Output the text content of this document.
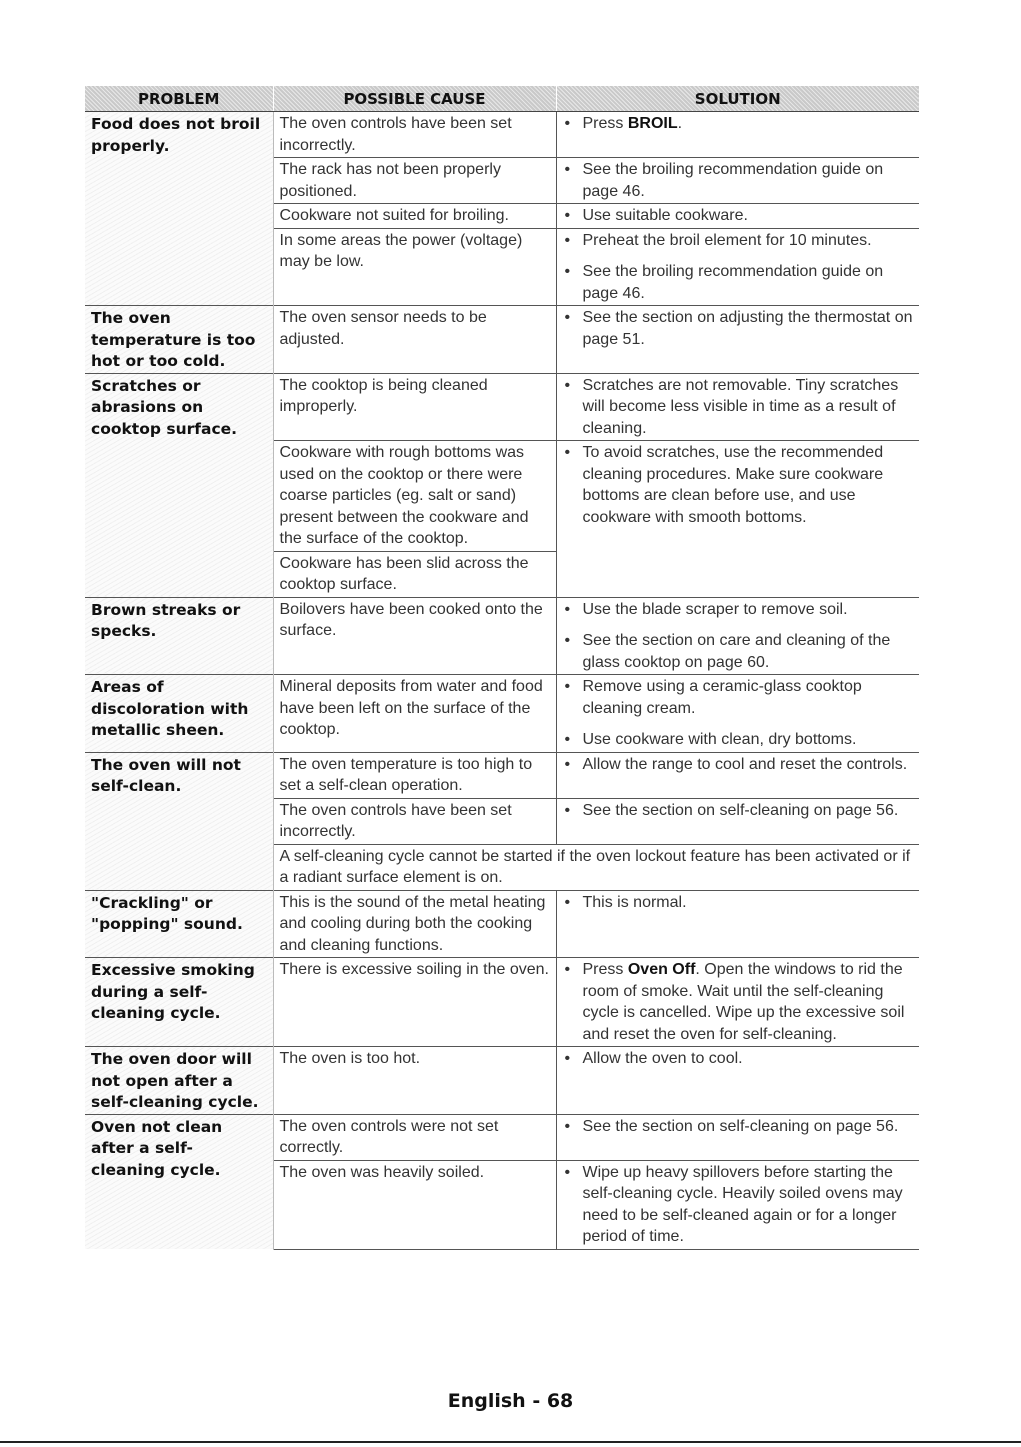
PROBLEM	POSSIBLE CAUSE	SOLUTION
Food does not broil properly.	The oven controls have been set incorrectly.	• Press BROIL.

	The rack has not been properly positioned.	• See the broiling recommendation guide on page 46.

	Cookware not suited for broiling.	• Use suitable cookware.

	In some areas the power (voltage) may be low.	• Preheat the broil element for 10 minutes.
• See the broiling recommendation guide on page 46.

The oven temperature is too hot or too cold.	The oven sensor needs to be adjusted.	• See the section on adjusting the thermostat on page 51.

Scratches or abrasions on cooktop surface.	The cooktop is being cleaned improperly.	• Scratches are not removable. Tiny scratches will become less visible in time as a result of cleaning.

	Cookware with rough bottoms was used on the cooktop or there were coarse particles (eg. salt or sand) present between the cookware and the surface of the cooktop.	• To avoid scratches, use the recommended cleaning procedures. Make sure cookware bottoms are clean before use, and use cookware with smooth bottoms.

	Cookware has been slid across the cooktop surface.	
Brown streaks or specks.	Boilovers have been cooked onto the surface.	• Use the blade scraper to remove soil.
• See the section on care and cleaning of the glass cooktop on page 60.

Areas of discoloration with metallic sheen.	Mineral deposits from water and food have been left on the surface of the cooktop.	• Remove using a ceramic-glass cooktop cleaning cream.
• Use cookware with clean, dry bottoms.

The oven will not self-clean.	The oven temperature is too high to set a self-clean operation.	• Allow the range to cool and reset the controls.

	The oven controls have been set incorrectly.	• See the section on self-cleaning on page 56.

	A self-cleaning cycle cannot be started if the oven lockout feature has been activated or if a radiant surface element is on.	
"Crackling" or "popping" sound.	This is the sound of the metal heating and cooling during both the cooking and cleaning functions.	• This is normal.

Excessive smoking during a self-cleaning cycle.	There is excessive soiling in the oven.	• Press Oven Off. Open the windows to rid the room of smoke. Wait until the self-cleaning cycle is cancelled. Wipe up the excessive soil and reset the oven for self-cleaning.

The oven door will not open after a self-cleaning cycle.	The oven is too hot.	• Allow the oven to cool.

Oven not clean after a self-cleaning cycle.	The oven controls were not set correctly.	• See the section on self-cleaning on page 56.

	The oven was heavily soiled.	• Wipe up heavy spillovers before starting the self-cleaning cycle. Heavily soiled ovens may need to be self-cleaned again or for a longer period of time.
English - 68
